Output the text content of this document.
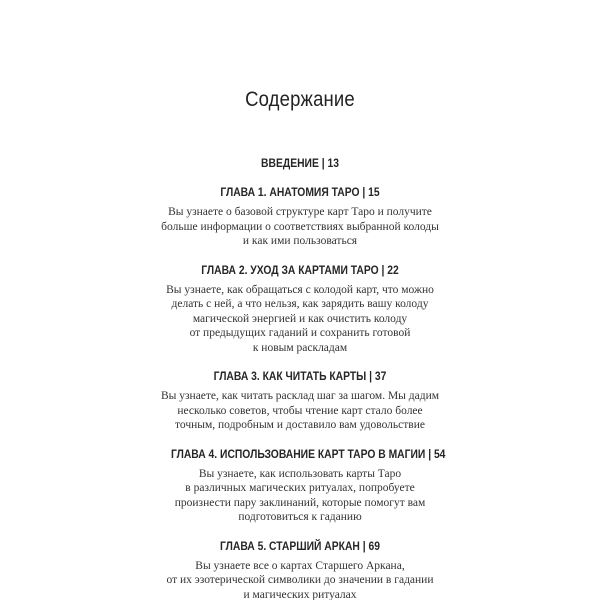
Содержание
ВВЕДЕНИЕ | 13
ГЛАВА 1. АНАТОМИЯ ТАРО | 15
Вы узнаете о базовой структуре карт Таро и получите
больше информации о соответствиях выбранной колоды
и как ими пользоваться
ГЛАВА 2. УХОД ЗА КАРТАМИ ТАРО | 22
Вы узнаете, как обращаться с колодой карт, что можно
делать с ней, а что нельзя, как зарядить вашу колоду
магической энергией и как очистить колоду
от предыдущих гаданий и сохранить готовой
к новым раскладам
ГЛАВА 3. КАК ЧИТАТЬ КАРТЫ | 37
Вы узнаете, как читать расклад шаг за шагом. Мы дадим
несколько советов, чтобы чтение карт стало более
точным, подробным и доставило вам удовольствие
ГЛАВА 4. ИСПОЛЬЗОВАНИЕ КАРТ ТАРО В МАГИИ | 54
Вы узнаете, как использовать карты Таро
в различных магических ритуалах, попробуете
произнести пару заклинаний, которые помогут вам
подготовиться к гаданию
ГЛАВА 5. СТАРШИЙ АРКАН | 69
Вы узнаете все о картах Старшего Аркана,
от их эзотерической символики до значении в гадании
и магических ритуалах
